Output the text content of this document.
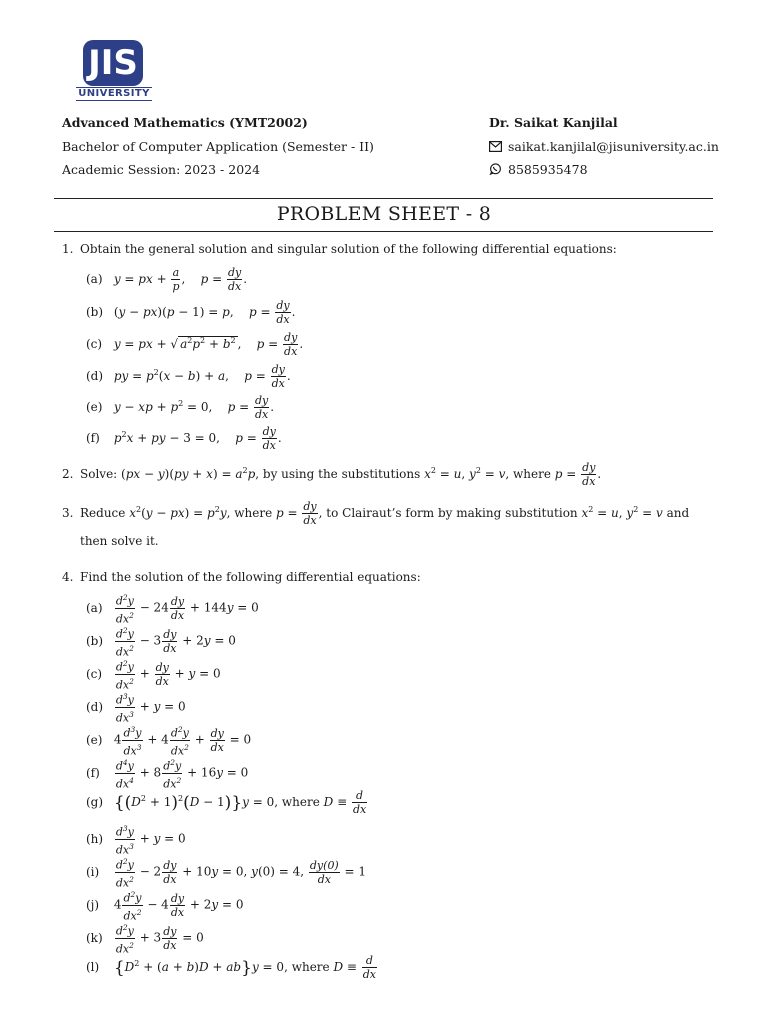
JIS
UNIVERSITY
Advanced Mathematics (YMT2002)
Bachelor of Computer Application (Semester - II)
Academic Session: 2023 - 2024
Dr. Saikat Kanjilal
saikat.kanjilal@jisuniversity.ac.in
8585935478
PROBLEM SHEET - 8
1. Obtain the general solution and singular solution of the following differential equations:
(a) y = px + $\frac{a}{p}$ ,    $p = \frac{dy}{dx}$ .
(b) (y − px)(p − 1) = p,    $p = \frac{dy}{dx}$ .
(c) y = px + √ $a^2p^2 + b^2$ ,    $p = \frac{dy}{dx}$ .
(d) py = $p^2(x - b) + a$,    $p = \frac{dy}{dx}$ .
(e) y − xp + $p^2 = 0$,    $p = \frac{dy}{dx}$ .
(f) $p^2x$ + py − 3 = 0,    $p = \frac{dy}{dx}$ .
2. Solve: $(px - y)(py + x) = a^2p$, by using the substitutions $x^2 = u$, $y^2 = v$, where $p = \frac{dy}{dx}$ .
3. Reduce $x^2(y - px) = p^2y$, where $p = \frac{dy}{dx}$ , to Clairaut’s form by making substitution $x^2 = u$, $y^2 = v$ and
then solve it.
4. Find the solution of the following differential equations:
$(a) \frac{d^2y}{dx^2} - 24 \frac{dy}{dx} + 144y = 0$
$(b) \frac{d^2y}{dx^2} - 3 \frac{dy}{dx} + 2y = 0$
$(c) \frac{d^2y}{dx^2} + \frac{dy}{dx} + y = 0$
$(d) \frac{d^3y}{dx^3} + y = 0$
(e) $4 \frac{d^3y}{dx^3} + 4 \frac{d^2y}{dx^2} + \frac{dy}{dx} = 0$
$(f) \frac{d^4y}{dx^4} + 8 \frac{d^2y}{dx^2} + 16y = 0$
(g) $\{(D^2 + 1)^2(D - 1)\}y = 0$, where $D \equiv \frac{d}{dx}$
$(h) \frac{d^3y}{dx^3} + y = 0$
$(i) \frac{d^2y}{dx^2} - 2 \frac{dy}{dx} + 10y = 0$, y(0) = 4, $\frac{dy(0)}{dx} = 1$
(j) $4 \frac{d^2y}{dx^2} - 4 \frac{dy}{dx} + 2y = 0$
$(k) \frac{d^2y}{dx^2} + 3 \frac{dy}{dx} = 0$
(l) $\{D^2 + (a + b)D + ab\}y = 0$, where $D \equiv \frac{d}{dx}$
